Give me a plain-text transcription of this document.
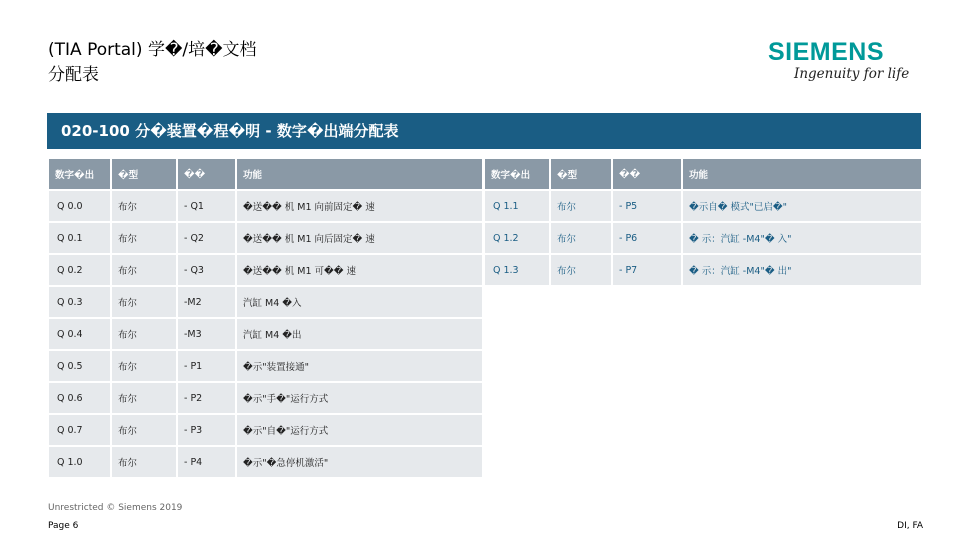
(TIA Portal) 学�/培�文档
分配表
SIEMENS
Ingenuity for life
020-100 分�装置�程�明 - 数字�出端分配表
数字�出	�型	��	功能
Q 0.0	布尔	- Q1	�送�� 机 M1 向前固定� 速
Q 0.1	布尔	- Q2	�送�� 机 M1 向后固定� 速
Q 0.2	布尔	- Q3	�送�� 机 M1 可�� 速
Q 0.3	布尔	-M2	汽缸 M4 �入
Q 0.4	布尔	-M3	汽缸 M4 �出
Q 0.5	布尔	- P1	�示"装置接通"
Q 0.6	布尔	- P2	�示"手�"运行方式
Q 0.7	布尔	- P3	�示"自�"运行方式
Q 1.0	布尔	- P4	�示"�急停机激活"
数字�出	�型	��	功能
Q 1.1	布尔	- P5	�示自� 模式"已启�"
Q 1.2	布尔	- P6	� 示：汽缸 -M4"� 入"
Q 1.3	布尔	- P7	� 示：汽缸 -M4"� 出"
Unrestricted © Siemens 2019
Page 6	DI, FA
